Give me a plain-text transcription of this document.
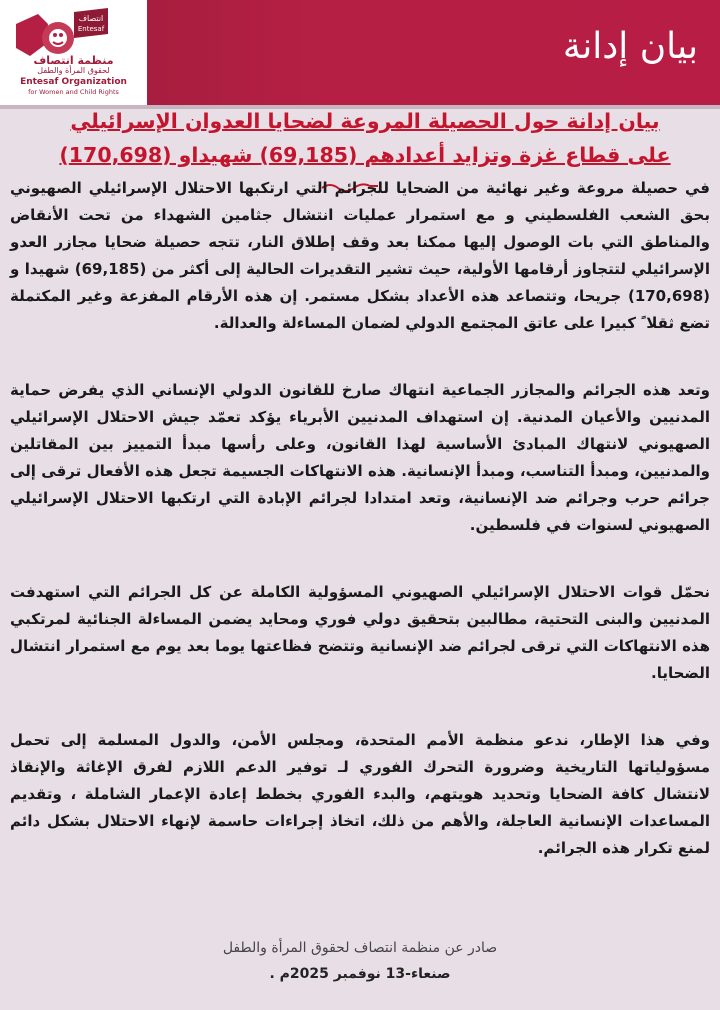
انتصاف
Entesaf
منظمة انتصاف
لحقوق المرأة والطفل
Entesaf Organization
for Women and Child Rights
بيان إدانة
بيان إدانة حول الحصيلة المروعة لضحايا العدوان الإسرائيلي
على قطاع غزة وتزايد أعدادهم (69,185) شهيداو (170,698)

في حصيلة مروعة وغير نهائية من الضحايا للجرائم التي ارتكبها الاحتلال الإسرائيلي الصهيوني بحق الشعب الفلسطيني و مع استمرار عمليات انتشال جثامين الشهداء من تحت الأنقاض والمناطق التي بات الوصول إليها ممكنا بعد وقف إطلاق النار، تتجه حصيلة ضحايا مجازر العدو الإسرائيلي لتتجاوز أرقامها الأولية، حيث تشير التقديرات الحالية إلى أكثر من (69,185) شهيدا و (170,698) جريحا، وتتصاعد هذه الأعداد بشكل مستمر. إن هذه الأرقام المفزعة وغير المكتملة تضع ثقلا ً كبيرا على عاتق المجتمع الدولي لضمان المساءلة والعدالة.

وتعد هذه الجرائم والمجازر الجماعية انتهاك صارخ للقانون الدولي الإنساني الذي يفرض حماية المدنيين والأعيان المدنية. إن استهداف المدنيين الأبرياء يؤكد تعمّد جيش الاحتلال الإسرائيلي الصهيوني لانتهاك المبادئ الأساسية لهذا القانون، وعلى رأسها مبدأ التمييز بين المقاتلين والمدنيين، ومبدأ التناسب، ومبدأ الإنسانية. هذه الانتهاكات الجسيمة تجعل هذه الأفعال ترقى إلى جرائم حرب وجرائم ضد الإنسانية، وتعد امتدادا لجرائم الإبادة التي ارتكبها الاحتلال الإسرائيلي الصهيوني لسنوات في فلسطين.

نحمّل قوات الاحتلال الإسرائيلي الصهيوني المسؤولية الكاملة عن كل الجرائم التي استهدفت المدنيين والبنى التحتية، مطالبين بتحقيق دولي فوري ومحايد يضمن المساءلة الجنائية لمرتكبي هذه الانتهاكات التي ترقى لجرائم ضد الإنسانية وتتضح فظاعتها يوما بعد يوم مع استمرار انتشال الضحايا.

وفي هذا الإطار، ندعو منظمة الأمم المتحدة، ومجلس الأمن، والدول المسلمة إلى تحمل مسؤولياتها التاريخية وضرورة التحرك الفوري لـ توفير الدعم اللازم لفرق الإغاثة والإنقاذ لانتشال كافة الضحايا وتحديد هويتهم، والبدء الفوري بخطط إعادة الإعمار الشاملة ، وتقديم المساعدات الإنسانية العاجلة، والأهم من ذلك، اتخاذ إجراءات حاسمة لإنهاء الاحتلال بشكل دائم لمنع تكرار هذه الجرائم.

صادر عن منظمة انتصاف لحقوق المرأة والطفل
صنعاء-13 نوفمبر 2025م .
